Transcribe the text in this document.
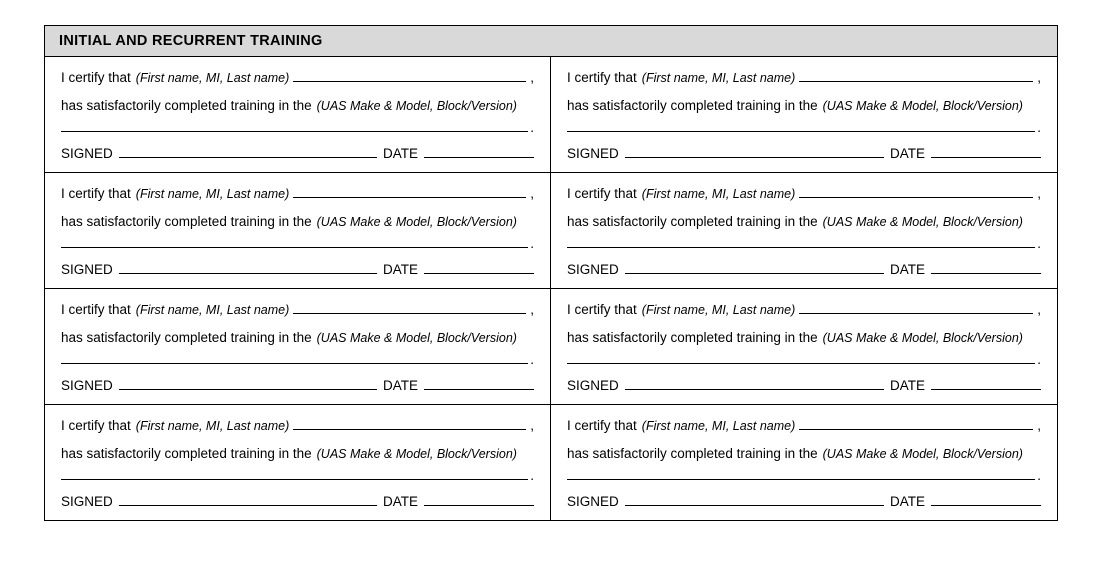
INITIAL AND RECURRENT TRAINING
I certify that (First name, MI, Last name)	,
has satisfactorily completed training in the (UAS Make & Model, Block/Version)
.
SIGNED	DATE
I certify that (First name, MI, Last name)	,
has satisfactorily completed training in the (UAS Make & Model, Block/Version)
.
SIGNED	DATE
I certify that (First name, MI, Last name)	,
has satisfactorily completed training in the (UAS Make & Model, Block/Version)
.
SIGNED	DATE
I certify that (First name, MI, Last name)	,
has satisfactorily completed training in the (UAS Make & Model, Block/Version)
.
SIGNED	DATE
I certify that (First name, MI, Last name)	,
has satisfactorily completed training in the (UAS Make & Model, Block/Version)
.
SIGNED	DATE
I certify that (First name, MI, Last name)	,
has satisfactorily completed training in the (UAS Make & Model, Block/Version)
.
SIGNED	DATE
I certify that (First name, MI, Last name)	,
has satisfactorily completed training in the (UAS Make & Model, Block/Version)
.
SIGNED	DATE
I certify that (First name, MI, Last name)	,
has satisfactorily completed training in the (UAS Make & Model, Block/Version)
.
SIGNED	DATE
